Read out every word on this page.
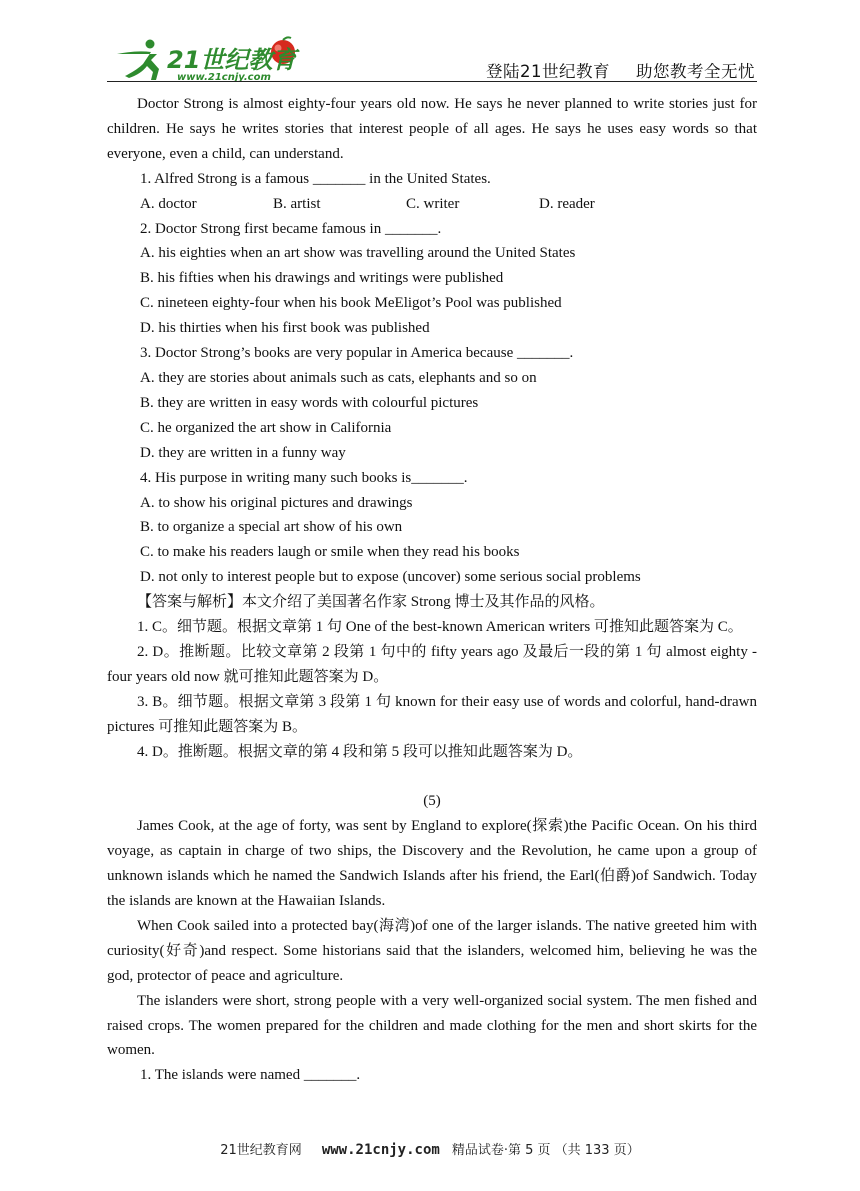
21世纪教育
www.21cnjy.com	登陆21世纪教育 助您教考全无忧

Doctor Strong is almost eighty-four years old now. He says he never planned to write stories just for children. He says he writes stories that interest people of all ages. He says he uses easy words so that everyone, even a child, can understand.

1. Alfred Strong is a famous _______ in the United States.

A. doctor	B. artist	C. writer	D. reader

2. Doctor Strong first became famous in _______.

A. his eighties when an art show was travelling around the United States

B. his fifties when his drawings and writings were published

C. nineteen eighty-four when his book MeEligot’s Pool was published

D. his thirties when his first book was published

3. Doctor Strong’s books are very popular in America because _______.

A. they are stories about animals such as cats, elephants and so on

B. they are written in easy words with colourful pictures

C. he organized the art show in California

D. they are written in a funny way

4. His purpose in writing many such books is_______.

A. to show his original pictures and drawings

B. to organize a special art show of his own

C. to make his readers laugh or smile when they read his books

D. not only to interest people but to expose (uncover) some serious social problems

【答案与解析】本文介绍了美国著名作家 Strong 博士及其作品的风格。

1. C。细节题。根据文章第 1 句 One of the best-known American writers 可推知此题答案为 C。

2. D。推断题。比较文章第 2 段第 1 句中的 fifty years ago 及最后一段的第 1 句 almost eighty -four years old now 就可推知此题答案为 D。

3. B。细节题。根据文章第 3 段第 1 句 known for their easy use of words and colorful, hand-drawn pictures 可推知此题答案为 B。

4. D。推断题。根据文章的第 4 段和第 5 段可以推知此题答案为 D。

(5)

James Cook, at the age of forty, was sent by England to explore(探索)the Pacific Ocean. On his third voyage, as captain in charge of two ships, the Discovery and the Revolution, he came upon a group of unknown islands which he named the Sandwich Islands after his friend, the Earl(伯爵)of Sandwich. Today the islands are known at the Hawaiian Islands.

When Cook sailed into a protected bay(海湾)of one of the larger islands. The native greeted him with curiosity(好奇)and respect. Some historians said that the islanders, welcomed him, believing he was the god, protector of peace and agriculture.

The islanders were short, strong people with a very well-organized social system. The men fished and raised crops. The women prepared for the children and made clothing for the men and short skirts for the women.

1. The islands were named _______.

21世纪教育网 www.21cnjy.com 精品试卷·第 5 页 （共 133 页）
